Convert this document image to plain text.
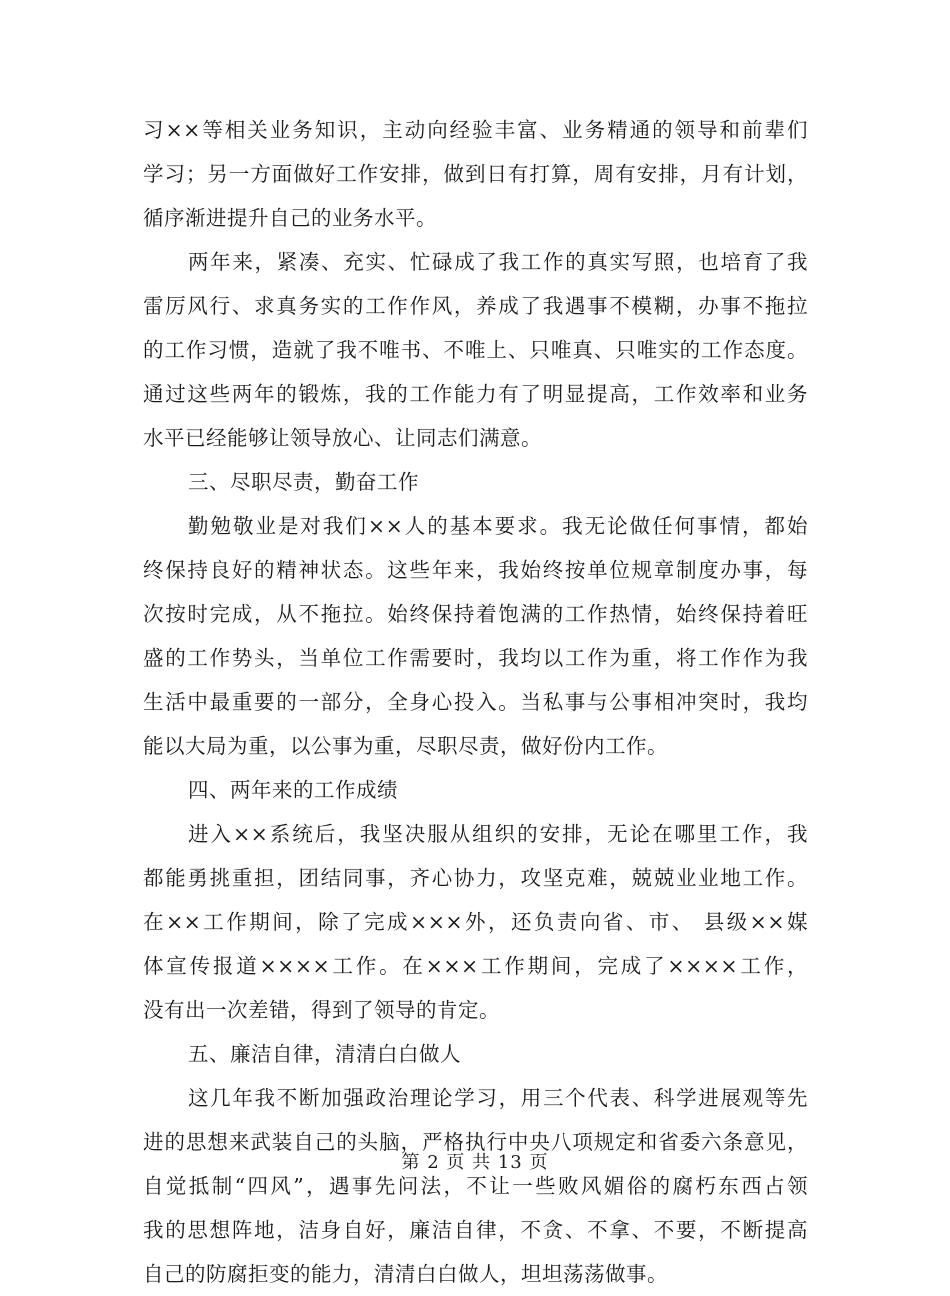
习××等相关业务知识，主动向经验丰富、业务精通的领导和前辈们
学习；另一方面做好工作安排，做到日有打算，周有安排，月有计划，
循序渐进提升自己的业务水平。
两年来，紧凑、充实、忙碌成了我工作的真实写照，也培育了我
雷厉风行、求真务实的工作作风，养成了我遇事不模糊，办事不拖拉
的工作习惯，造就了我不唯书、不唯上、只唯真、只唯实的工作态度。
通过这些两年的锻炼，我的工作能力有了明显提高，工作效率和业务
水平已经能够让领导放心、让同志们满意。
三、尽职尽责，勤奋工作
勤勉敬业是对我们××人的基本要求。我无论做任何事情，都始
终保持良好的精神状态。这些年来，我始终按单位规章制度办事，每
次按时完成，从不拖拉。始终保持着饱满的工作热情，始终保持着旺
盛的工作势头，当单位工作需要时，我均以工作为重，将工作作为我
生活中最重要的一部分，全身心投入。当私事与公事相冲突时，我均
能以大局为重，以公事为重，尽职尽责，做好份内工作。
四、两年来的工作成绩
进入××系统后，我坚决服从组织的安排，无论在哪里工作，我
都能勇挑重担，团结同事，齐心协力，攻坚克难，兢兢业业地工作。
在××工作期间，除了完成×××外，还负责向省、市、 县级××媒
体宣传报道××××工作。在×××工作期间，完成了××××工作，
没有出一次差错，得到了领导的肯定。
五、廉洁自律，清清白白做人
这几年我不断加强政治理论学习，用三个代表、科学进展观等先
进的思想来武装自己的头脑，严格执行中央八项规定和省委六条意见，
自觉抵制“四风”，遇事先问法，不让一些败风媚俗的腐朽东西占领
我的思想阵地，洁身自好，廉洁自律，不贪、不拿、不要，不断提高
自己的防腐拒变的能力，清清白白做人，坦坦荡荡做事。
第 2 页 共 13 页
